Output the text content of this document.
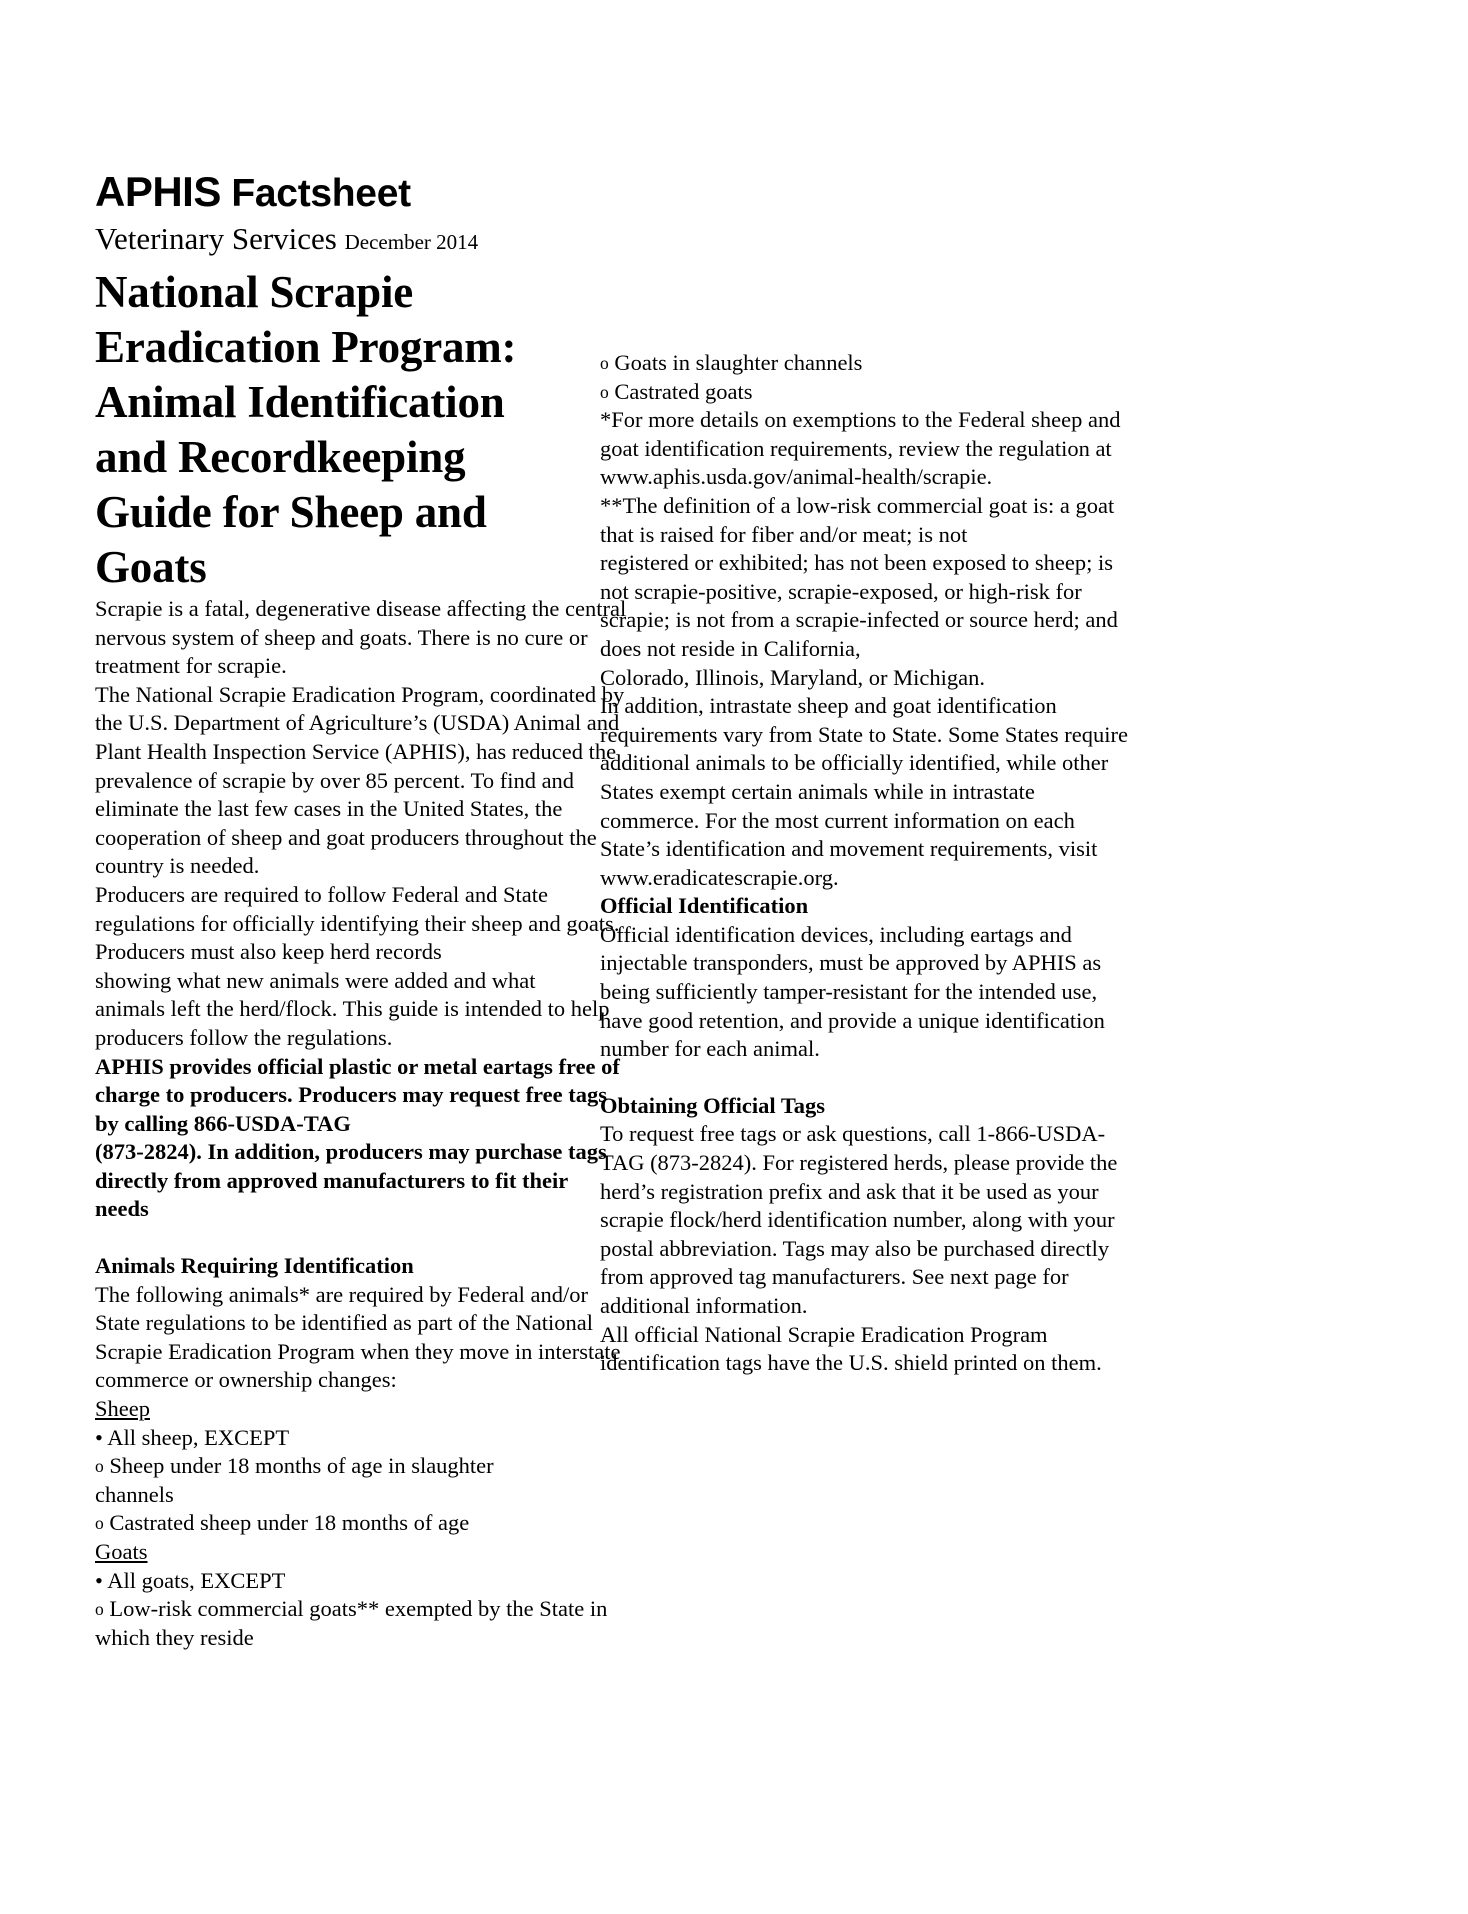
APHIS Factsheet
Veterinary Services December 2014
National Scrapie
Eradication Program:
Animal Identification
and Recordkeeping
Guide for Sheep and
Goats

Scrapie is a fatal, degenerative disease affecting the central
nervous system of sheep and goats. There is no cure or
treatment for scrapie.

The National Scrapie Eradication Program, coordinated by
the U.S. Department of Agriculture’s (USDA) Animal and
Plant Health Inspection Service (APHIS), has reduced the
prevalence of scrapie by over 85 percent. To find and
eliminate the last few cases in the United States, the
cooperation of sheep and goat producers throughout the
country is needed.

Producers are required to follow Federal and State
regulations for officially identifying their sheep and goats.
Producers must also keep herd records
showing what new animals were added and what
animals left the herd/flock. This guide is intended to help
producers follow the regulations.

APHIS provides official plastic or metal eartags free of
charge to producers. Producers may request free tags
by calling 866-USDA-TAG
(873-2824). In addition, producers may purchase tags
directly from approved manufacturers to fit their
needs

Animals Requiring Identification

The following animals* are required by Federal and/or
State regulations to be identified as part of the National
Scrapie Eradication Program when they move in interstate
commerce or ownership changes:

Sheep
• All sheep, EXCEPT
o Sheep under 18 months of age in slaughter
channels
o Castrated sheep under 18 months of age

Goats
• All goats, EXCEPT
o Low-risk commercial goats** exempted by the State in
which they reside

o Goats in slaughter channels
o Castrated goats

*For more details on exemptions to the Federal sheep and
goat identification requirements, review the regulation at
www.aphis.usda.gov/animal-health/scrapie.

**The definition of a low-risk commercial goat is: a goat
that is raised for fiber and/or meat; is not
registered or exhibited; has not been exposed to sheep; is
not scrapie-positive, scrapie-exposed, or high-risk for
scrapie; is not from a scrapie-infected or source herd; and
does not reside in California,
Colorado, Illinois, Maryland, or Michigan.

In addition, intrastate sheep and goat identification
requirements vary from State to State. Some States require
additional animals to be officially identified, while other
States exempt certain animals while in intrastate
commerce. For the most current information on each
State’s identification and movement requirements, visit
www.eradicatescrapie.org.

Official Identification

Official identification devices, including eartags and
injectable transponders, must be approved by APHIS as
being sufficiently tamper-resistant for the intended use,
have good retention, and provide a unique identification
number for each animal.

Obtaining Official Tags

To request free tags or ask questions, call 1-866-USDA-
TAG (873-2824). For registered herds, please provide the
herd’s registration prefix and ask that it be used as your
scrapie flock/herd identification number, along with your
postal abbreviation. Tags may also be purchased directly
from approved tag manufacturers. See next page for
additional information.

All official National Scrapie Eradication Program
identification tags have the U.S. shield printed on them.
